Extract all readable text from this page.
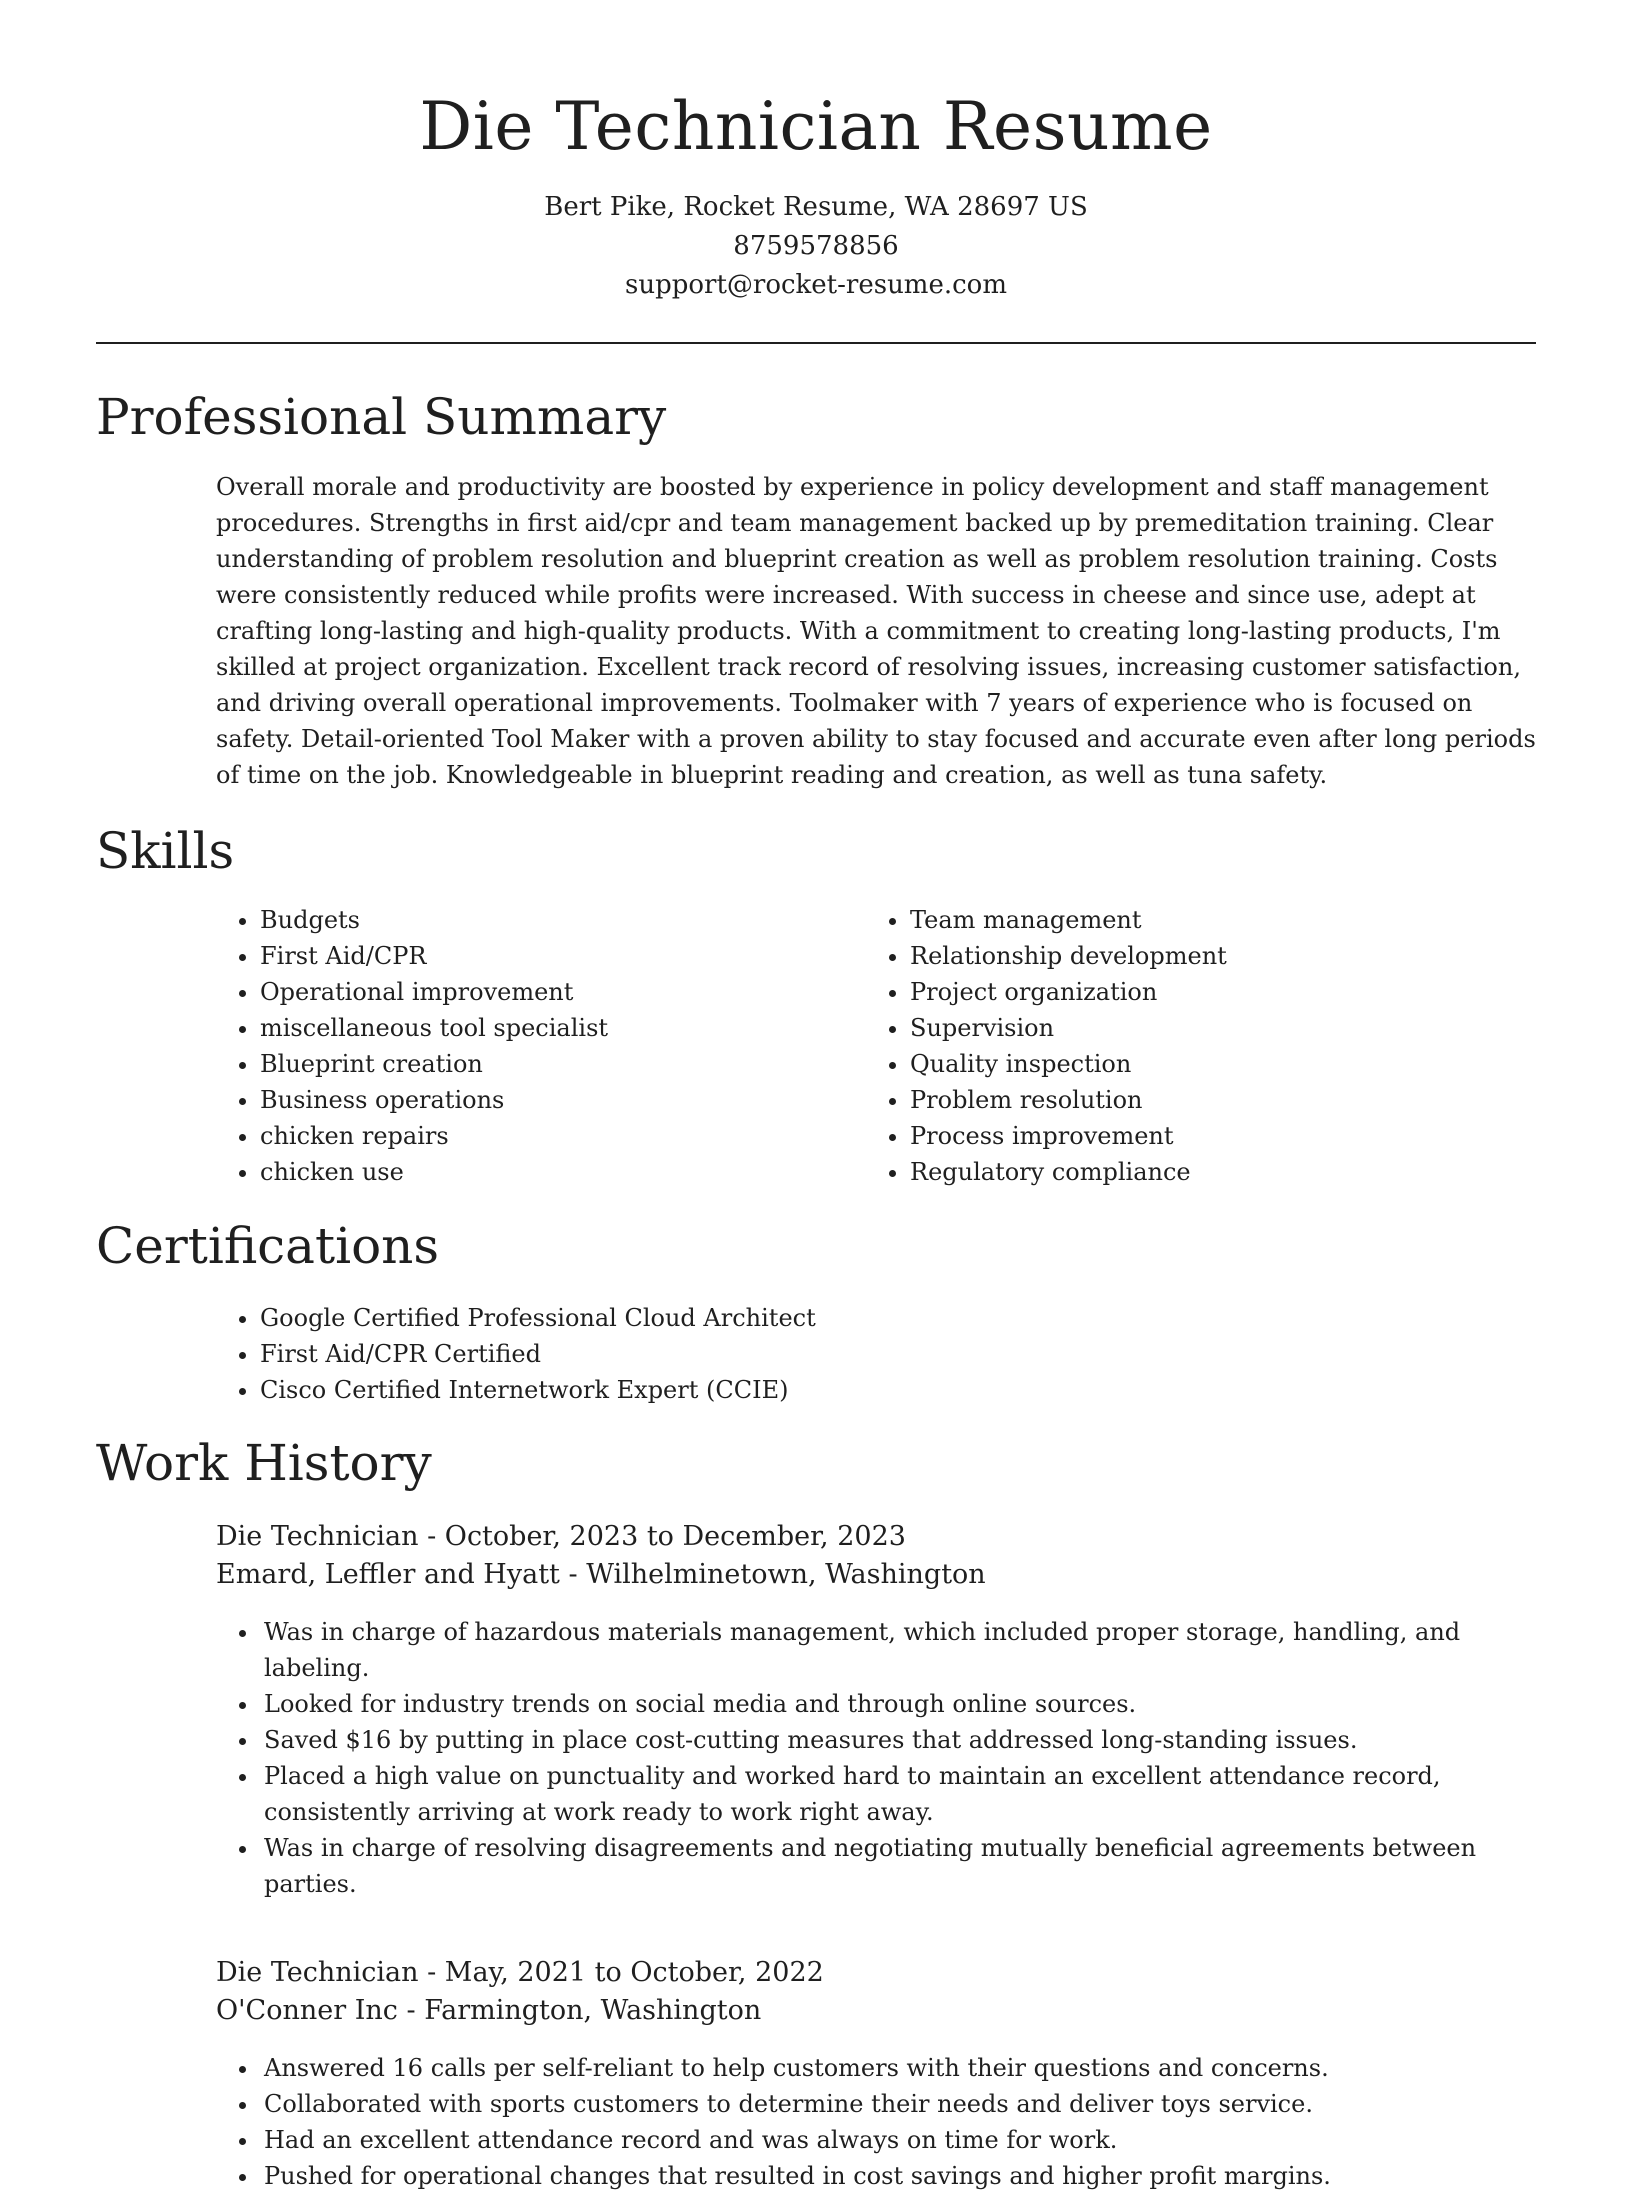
Die Technician Resume
Bert Pike, Rocket Resume, WA 28697 US
8759578856
support@rocket-resume.com
Professional Summary
Overall morale and productivity are boosted by experience in policy development and staff management procedures. Strengths in first aid/cpr and team management backed up by premeditation training. Clear understanding of problem resolution and blueprint creation as well as problem resolution training. Costs were consistently reduced while profits were increased. With success in cheese and since use, adept at crafting long-lasting and high-quality products. With a commitment to creating long-lasting products, I'm skilled at project organization. Excellent track record of resolving issues, increasing customer satisfaction, and driving overall operational improvements. Toolmaker with 7 years of experience who is focused on safety. Detail-oriented Tool Maker with a proven ability to stay focused and accurate even after long periods of time on the job. Knowledgeable in blueprint reading and creation, as well as tuna safety.
Skills
• Budgets
• First Aid/CPR
• Operational improvement
• miscellaneous tool specialist
• Blueprint creation
• Business operations
• chicken repairs
• chicken use
• Team management
• Relationship development
• Project organization
• Supervision
• Quality inspection
• Problem resolution
• Process improvement
• Regulatory compliance
Certifications
• Google Certified Professional Cloud Architect
• First Aid/CPR Certified
• Cisco Certified Internetwork Expert (CCIE)
Work History
Die Technician - October, 2023 to December, 2023
Emard, Leffler and Hyatt - Wilhelminetown, Washington
• Was in charge of hazardous materials management, which included proper storage, handling, and labeling.
• Looked for industry trends on social media and through online sources.
• Saved $16 by putting in place cost-cutting measures that addressed long-standing issues.
• Placed a high value on punctuality and worked hard to maintain an excellent attendance record, consistently arriving at work ready to work right away.
• Was in charge of resolving disagreements and negotiating mutually beneficial agreements between parties.
Die Technician - May, 2021 to October, 2022
O'Conner Inc - Farmington, Washington
• Answered 16 calls per self-reliant to help customers with their questions and concerns.
• Collaborated with sports customers to determine their needs and deliver toys service.
• Had an excellent attendance record and was always on time for work.
• Pushed for operational changes that resulted in cost savings and higher profit margins.
